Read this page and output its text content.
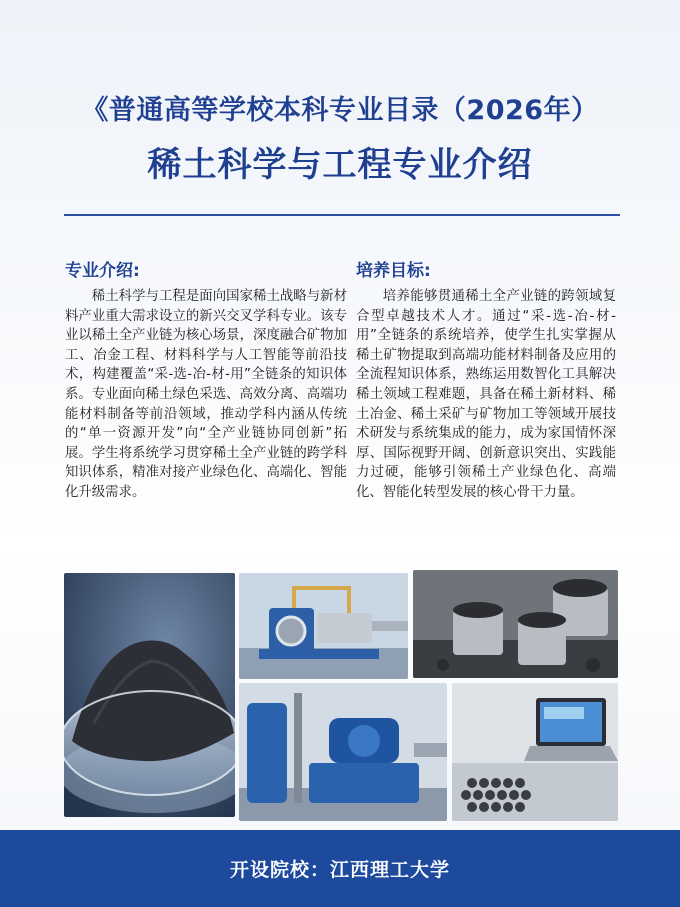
《普通高等学校本科专业目录（2026年）
稀土科学与工程专业介绍
专业介绍:

稀土科学与工程是面向国家稀土战略与新材料产业重大需求设立的新兴交叉学科专业。该专业以稀土全产业链为核心场景，深度融合矿物加工、冶金工程、材料科学与人工智能等前沿技术，构建覆盖“采-选-冶-材-用”全链条的知识体系。专业面向稀土绿色采选、高效分离、高端功能材料制备等前沿领域，推动学科内涵从传统的“单一资源开发”向“全产业链协同创新”拓展。学生将系统学习贯穿稀土全产业链的跨学科知识体系，精准对接产业绿色化、高端化、智能化升级需求。

培养目标:

培养能够贯通稀土全产业链的跨领域复合型卓越技术人才。通过“采-选-冶-材-用”全链条的系统培养，使学生扎实掌握从稀土矿物提取到高端功能材料制备及应用的全流程知识体系，熟练运用数智化工具解决稀土领域工程难题，具备在稀土新材料、稀土冶金、稀土采矿与矿物加工等领域开展技术研发与系统集成的能力，成为家国情怀深厚、国际视野开阔、创新意识突出、实践能力过硬，能够引领稀土产业绿色化、高端化、智能化转型发展的核心骨干力量。

开设院校：江西理工大学
